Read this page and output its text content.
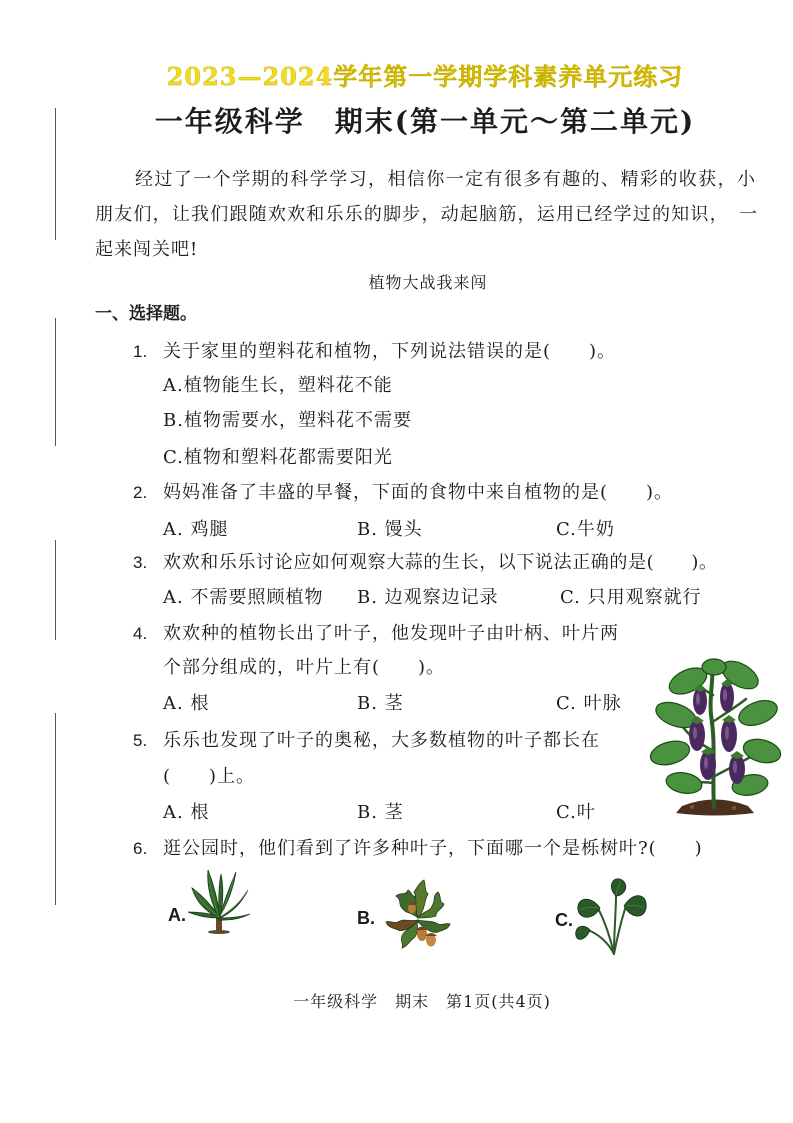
2023—2024学年第一学期学科素养单元练习
一年级科学　期末(第一单元～第二单元)
经过了一个学期的科学学习，相信你一定有很多有趣的、精彩的收获，小
朋友们，让我们跟随欢欢和乐乐的脚步，动起脑筋，运用已经学过的知识，　一
起来闯关吧!
植物大战我来闯
一、选择题。
1. 关于家里的塑料花和植物，下列说法错误的是(　　)。
A.植物能生长，塑料花不能
B.植物需要水，塑料花不需要
C.植物和塑料花都需要阳光
2. 妈妈准备了丰盛的早餐，下面的食物中来自植物的是(　　)。
A. 鸡腿	B. 馒头	C.牛奶
3. 欢欢和乐乐讨论应如何观察大蒜的生长，以下说法正确的是(　　)。
A. 不需要照顾植物 B. 边观察边记录	C. 只用观察就行
4. 欢欢种的植物长出了叶子，他发现叶子由叶柄、叶片两
个部分组成的，叶片上有(　　)。
A. 根	B. 茎	C. 叶脉
5. 乐乐也发现了叶子的奥秘，大多数植物的叶子都长在
(　　)上。
A. 根	B. 茎	C.叶
6. 逛公园时，他们看到了许多种叶子，下面哪一个是栎树叶?(　　)
A.	B.	C.
一年级科学　期末　第1页(共4页)
